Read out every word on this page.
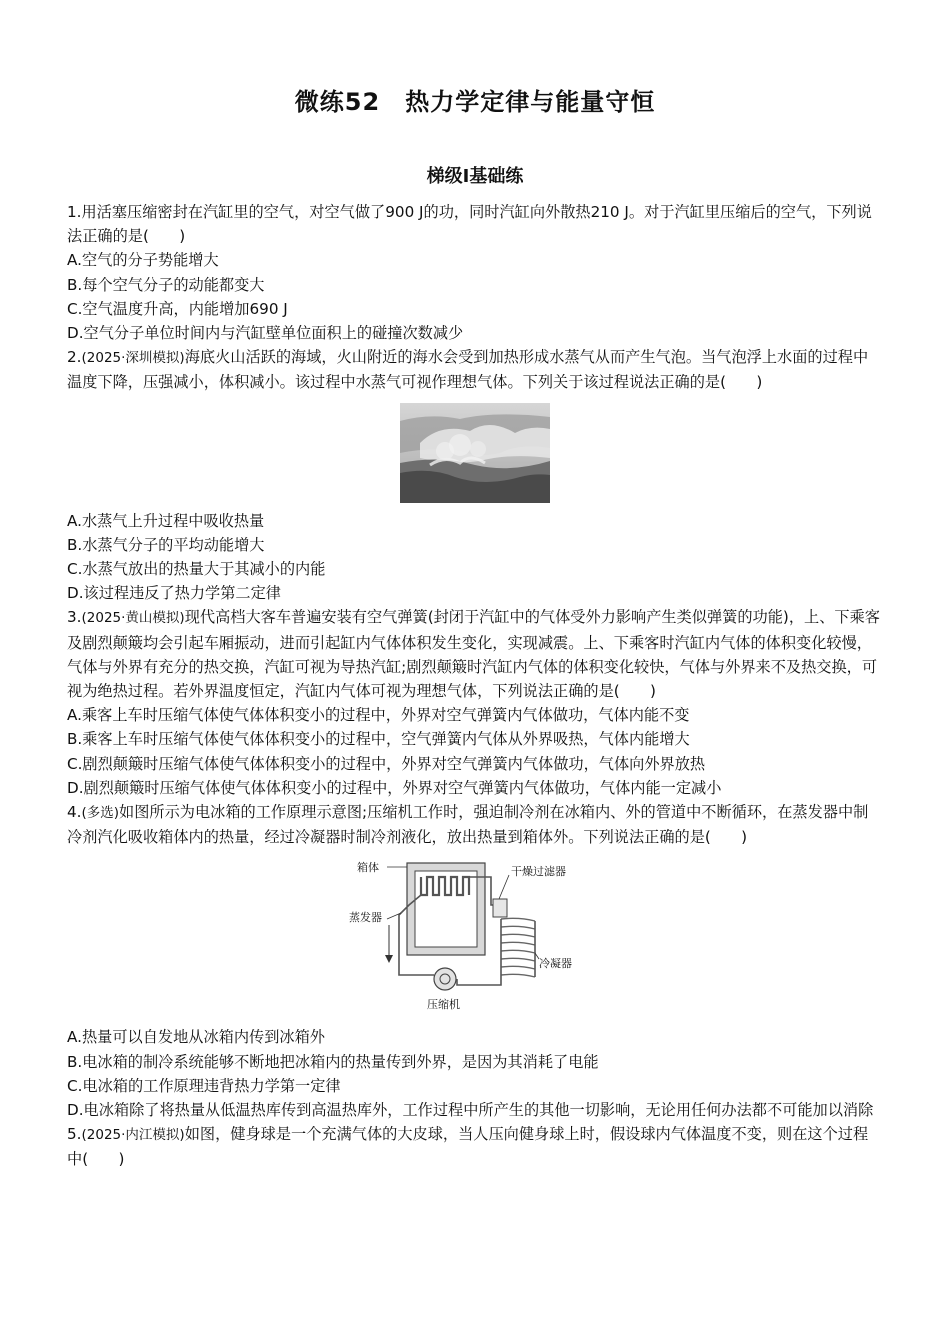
微练52　热力学定律与能量守恒
梯级Ⅰ基础练

1.用活塞压缩密封在汽缸里的空气，对空气做了900 J的功，同时汽缸向外散热210 J。对于汽缸里压缩后的空气，下列说法正确的是(　　)

A.空气的分子势能增大

B.每个空气分子的动能都变大

C.空气温度升高，内能增加690 J

D.空气分子单位时间内与汽缸壁单位面积上的碰撞次数减少

2.(2025·深圳模拟)海底火山活跃的海域，火山附近的海水会受到加热形成水蒸气从而产生气泡。当气泡浮上水面的过程中温度下降，压强减小，体积减小。该过程中水蒸气可视作理想气体。下列关于该过程说法正确的是(　　)

A.水蒸气上升过程中吸收热量

B.水蒸气分子的平均动能增大

C.水蒸气放出的热量大于其减小的内能

D.该过程违反了热力学第二定律

3.(2025·黄山模拟)现代高档大客车普遍安装有空气弹簧(封闭于汽缸中的气体受外力影响产生类似弹簧的功能)，上、下乘客及剧烈颠簸均会引起车厢振动，进而引起缸内气体体积发生变化，实现减震。上、下乘客时汽缸内气体的体积变化较慢，气体与外界有充分的热交换，汽缸可视为导热汽缸;剧烈颠簸时汽缸内气体的体积变化较快，气体与外界来不及热交换，可视为绝热过程。若外界温度恒定，汽缸内气体可视为理想气体，下列说法正确的是(　　)

A.乘客上车时压缩气体使气体体积变小的过程中，外界对空气弹簧内气体做功，气体内能不变

B.乘客上车时压缩气体使气体体积变小的过程中，空气弹簧内气体从外界吸热，气体内能增大

C.剧烈颠簸时压缩气体使气体体积变小的过程中，外界对空气弹簧内气体做功，气体向外界放热

D.剧烈颠簸时压缩气体使气体体积变小的过程中，外界对空气弹簧内气体做功，气体内能一定减小

4.(多选)如图所示为电冰箱的工作原理示意图;压缩机工作时，强迫制冷剂在冰箱内、外的管道中不断循环，在蒸发器中制冷剂汽化吸收箱体内的热量，经过冷凝器时制冷剂液化，放出热量到箱体外。下列说法正确的是(　　)

箱体	干燥过滤器
蒸发器
冷凝器
压缩机

A.热量可以自发地从冰箱内传到冰箱外

B.电冰箱的制冷系统能够不断地把冰箱内的热量传到外界，是因为其消耗了电能

C.电冰箱的工作原理违背热力学第一定律

D.电冰箱除了将热量从低温热库传到高温热库外，工作过程中所产生的其他一切影响，无论用任何办法都不可能加以消除

5.(2025·内江模拟)如图，健身球是一个充满气体的大皮球，当人压向健身球上时，假设球内气体温度不变，则在这个过程中(　　)
